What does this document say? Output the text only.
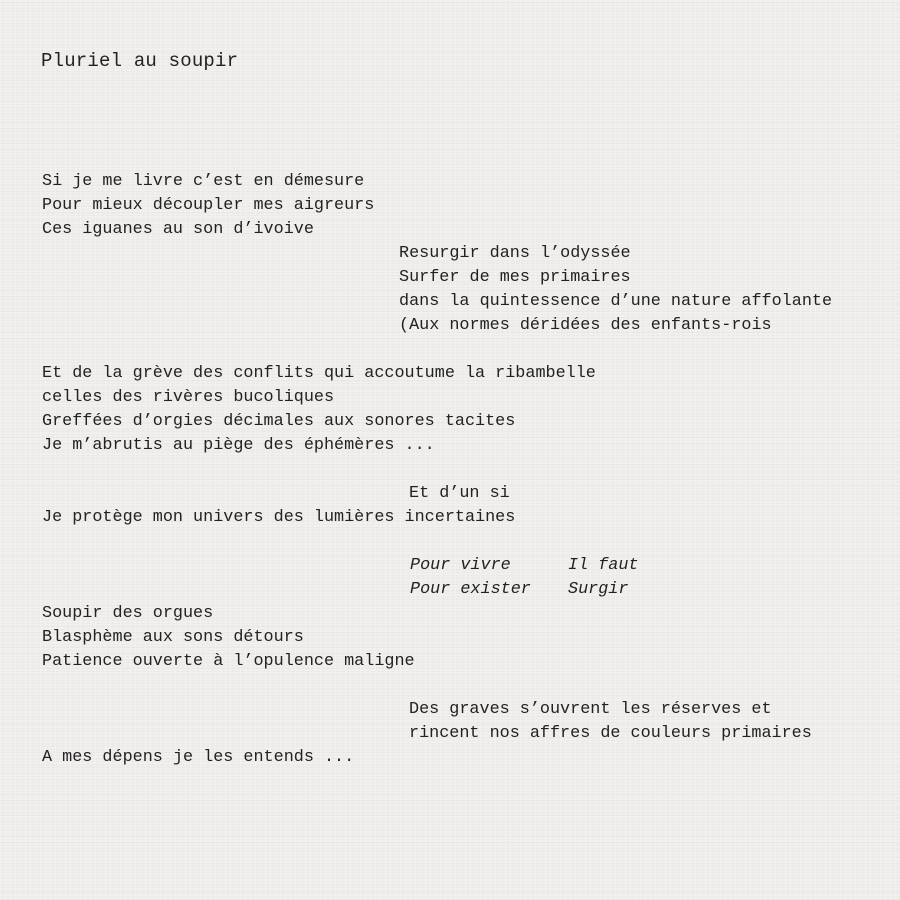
Pluriel au soupir
Si je me livre c’est en démesure
Pour mieux découpler mes aigreurs
Ces iguanes au son d’ivoive
Resurgir dans l’odyssée
Surfer de mes primaires
dans la quintessence d’une nature affolante
(Aux normes déridées des enfants-rois
Et de la grève des conflits qui accoutume la ribambelle
celles des rivères bucoliques
Greffées d’orgies décimales aux sonores tacites
Je m’abrutis au piège des éphémères ...
Et d’un si
Je protège mon univers des lumières incertaines
Pour vivre	Il faut
Pour exister Surgir
Soupir des orgues
Blasphème aux sons détours
Patience ouverte à l’opulence maligne
Des graves s’ouvrent les réserves et
rincent nos affres de couleurs primaires
A mes dépens je les entends ...
